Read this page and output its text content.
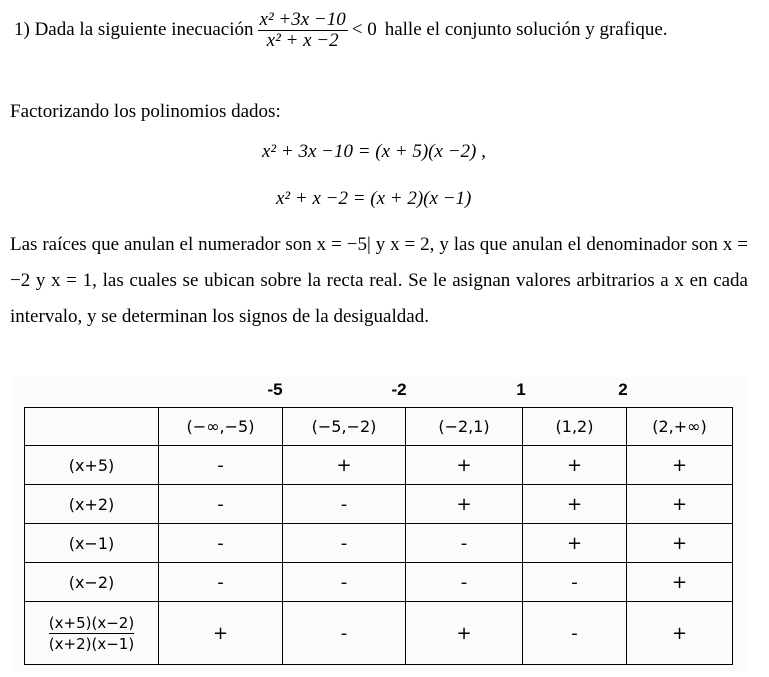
1) Dada la siguiente inecuación $\frac{\text{x² +3x −10}}{\text{x² + x −2}} < 0$ halle el conjunto solución y grafique.
Factorizando los polinomios dados:
x² + 3x −10 = (x + 5)(x −2) ,
x² + x −2 = (x + 2)(x −1)
Las raíces que anulan el numerador son x = −5| y x = 2, y las que anulan el denominador son x = −2 y x = 1, las cuales se ubican sobre la recta real. Se le asignan valores arbitrarios a x en cada intervalo, y se determinan los signos de la desigualdad.
-5	-2	1	2
	(−∞,−5)	(−5,−2)	(−2,1)	(1,2)	(2,+∞)
(x+5)	-	+	+	+	+
(x+2)	-	-	+	+	+
(x−1)	-	-	-	+	+
(x−2)	-	-	-	-	+

$\frac{(x+5)(x-2)}{(x+2)(x-1)}$	+	-	+	-	+
